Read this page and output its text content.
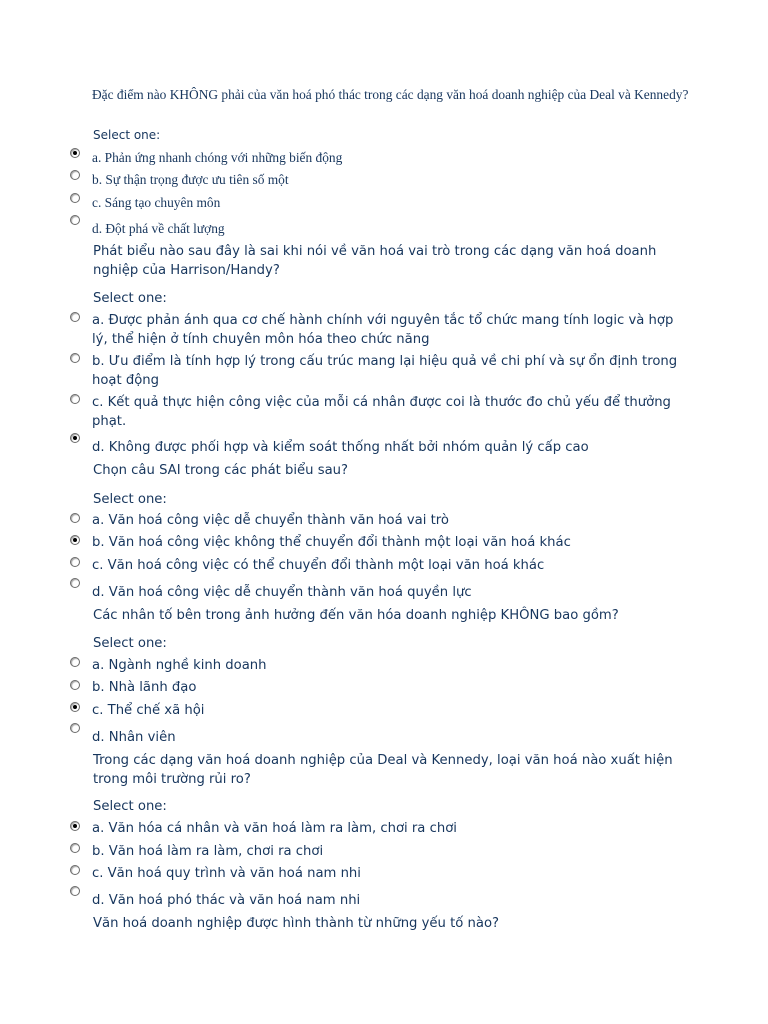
Đặc điểm nào KHÔNG phải của văn hoá phó thác trong các dạng văn hoá doanh nghiệp của Deal và Kennedy?
Select one:
a. Phản ứng nhanh chóng với những biến động
b. Sự thận trọng được ưu tiên số một
c. Sáng tạo chuyên môn
d. Đột phá về chất lượng
Phát biểu nào sau đây là sai khi nói về văn hoá vai trò trong các dạng văn hoá doanh nghiệp của Harrison/Handy?
Select one:
a. Được phản ánh qua cơ chế hành chính với nguyên tắc tổ chức mang tính logic và hợp lý, thể hiện ở tính chuyên môn hóa theo chức năng
b. Ưu điểm là tính hợp lý trong cấu trúc mang lại hiệu quả về chi phí và sự ổn định trong hoạt động
c. Kết quả thực hiện công việc của mỗi cá nhân được coi là thước đo chủ yếu để thưởng phạt.
d. Không được phối hợp và kiểm soát thống nhất bởi nhóm quản lý cấp cao
Chọn câu SAI trong các phát biểu sau?
Select one:
a. Văn hoá công việc dễ chuyển thành văn hoá vai trò
b. Văn hoá công việc không thể chuyển đổi thành một loại văn hoá khác
c. Văn hoá công việc có thể chuyển đổi thành một loại văn hoá khác
d. Văn hoá công việc dễ chuyển thành văn hoá quyền lực
Các nhân tố bên trong ảnh hưởng đến văn hóa doanh nghiệp KHÔNG bao gồm?
Select one:
a. Ngành nghề kinh doanh
b. Nhà lãnh đạo
c. Thể chế xã hội
d. Nhân viên
Trong các dạng văn hoá doanh nghiệp của Deal và Kennedy, loại văn hoá nào xuất hiện trong môi trường rủi ro?
Select one:
a. Văn hóa cá nhân và văn hoá làm ra làm, chơi ra chơi
b. Văn hoá làm ra làm, chơi ra chơi
c. Văn hoá quy trình và văn hoá nam nhi
d. Văn hoá phó thác và văn hoá nam nhi
Văn hoá doanh nghiệp được hình thành từ những yếu tố nào?
